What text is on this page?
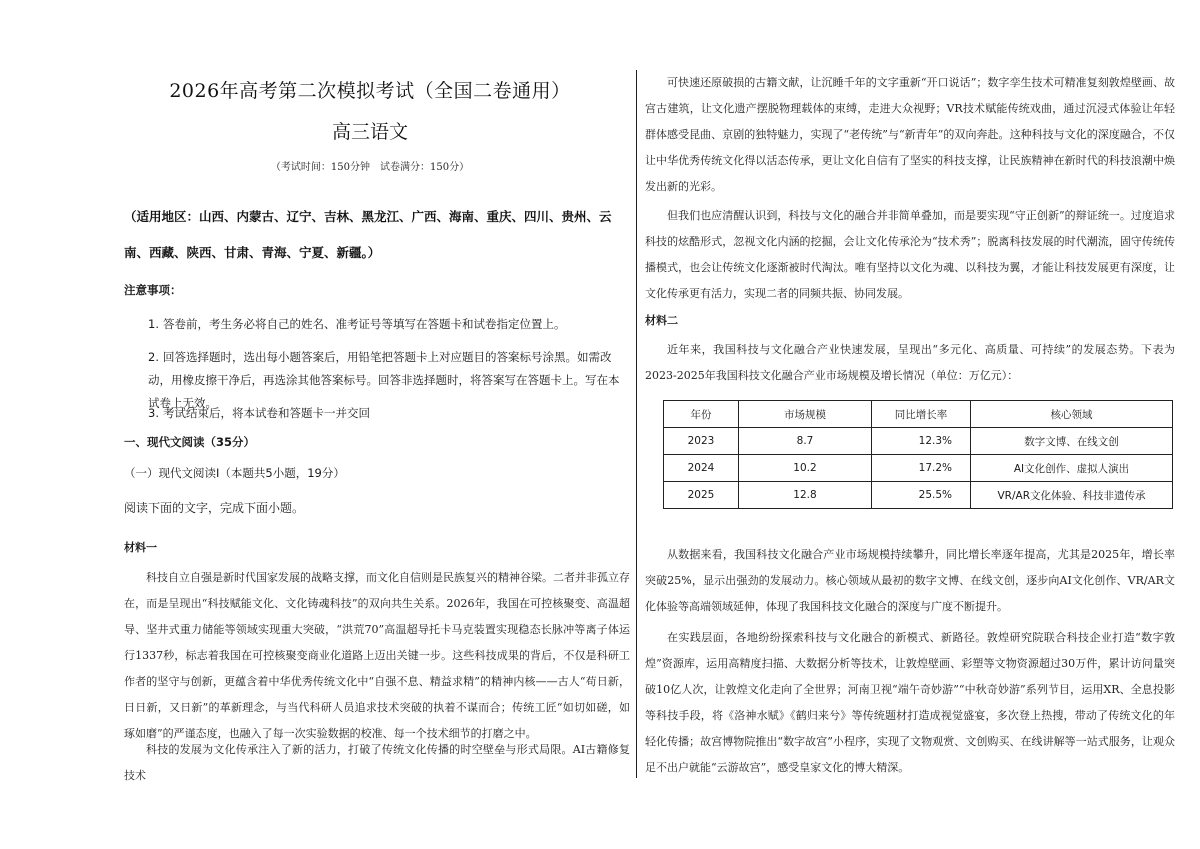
2026年高考第二次模拟考试（全国二卷通用）
高三语文
（考试时间：150分钟　试卷满分：150分）
（适用地区：山西、内蒙古、辽宁、吉林、黑龙江、广西、海南、重庆、四川、贵州、云南、西藏、陕西、甘肃、青海、宁夏、新疆。）
注意事项：
1. 答卷前，考生务必将自己的姓名、准考证号等填写在答题卡和试卷指定位置上。
2. 回答选择题时，选出每小题答案后，用铅笔把答题卡上对应题目的答案标号涂黑。如需改动，用橡皮擦干净后，再选涂其他答案标号。回答非选择题时，将答案写在答题卡上。写在本试卷上无效。
3. 考试结束后，将本试卷和答题卡一并交回
一、现代文阅读（35分）
（一）现代文阅读Ⅰ（本题共5小题，19分）
阅读下面的文字，完成下面小题。
材料一
科技自立自强是新时代国家发展的战略支撑，而文化自信则是民族复兴的精神谷梁。二者并非孤立存在，而是呈现出“科技赋能文化、文化铸魂科技”的双向共生关系。2026年，我国在可控核聚变、高温超导、坚井式重力储能等领域实现重大突破，“洪荒70”高温超导托卡马克装置实现稳态长脉冲等离子体运行1337秒，标志着我国在可控核聚变商业化道路上迈出关键一步。这些科技成果的背后，不仅是科研工作者的坚守与创新，更蕴含着中华优秀传统文化中“自强不息、精益求精”的精神内核——古人“苟日新，日日新，又日新”的革新理念，与当代科研人员追求技术突破的执着不谋而合；传统工匠“如切如磋，如琢如磨”的严谨态度，也融入了每一次实验数据的校准、每一个技术细节的打磨之中。
科技的发展为文化传承注入了新的活力，打破了传统文化传播的时空壁垒与形式局限。AI古籍修复技术
可快速还原破损的古籍文献，让沉睡千年的文字重新“开口说话”；数字孪生技术可精准复刻敦煌壁画、故宫古建筑，让文化遗产摆脱物理载体的束缚，走进大众视野；VR技术赋能传统戏曲，通过沉浸式体验让年轻群体感受昆曲、京剧的独特魅力，实现了“老传统”与“新青年”的双向奔赴。这种科技与文化的深度融合，不仅让中华优秀传统文化得以活态传承，更让文化自信有了坚实的科技支撑，让民族精神在新时代的科技浪潮中焕发出新的光彩。
但我们也应清醒认识到，科技与文化的融合并非简单叠加，而是要实现“守正创新”的辩证统一。过度追求科技的炫酷形式，忽视文化内涵的挖掘，会让文化传承沦为“技术秀”；脱离科技发展的时代潮流，固守传统传播模式，也会让传统文化逐渐被时代淘汰。唯有坚持以文化为魂、以科技为翼，才能让科技发展更有深度，让文化传承更有活力，实现二者的同频共振、协同发展。
材料二
近年来，我国科技与文化融合产业快速发展，呈现出“多元化、高质量、可持续”的发展态势。下表为2023-2025年我国科技文化融合产业市场规模及增长情况（单位：万亿元）：
年份	市场规模	同比增长率	核心领域
2023	8.7	12.3%	数字文博、在线文创
2024	10.2	17.2%	AI文化创作、虚拟人演出
2025	12.8	25.5%	VR/AR文化体验、科技非遗传承
从数据来看，我国科技文化融合产业市场规模持续攀升，同比增长率逐年提高，尤其是2025年，增长率突破25%，显示出强劲的发展动力。核心领域从最初的数字文博、在线文创，逐步向AI文化创作、VR/AR文化体验等高端领域延伸，体现了我国科技文化融合的深度与广度不断提升。
在实践层面，各地纷纷探索科技与文化融合的新模式、新路径。敦煌研究院联合科技企业打造“数字敦煌”资源库，运用高精度扫描、大数据分析等技术，让敦煌壁画、彩塑等文物资源超过30万件，累计访问量突破10亿人次，让敦煌文化走向了全世界；河南卫视“端午奇妙游”“中秋奇妙游”系列节目，运用XR、全息投影等科技手段，将《洛神水赋》《鹤归来兮》等传统题材打造成视觉盛宴，多次登上热搜，带动了传统文化的年轻化传播；故宫博物院推出“数字故宫”小程序，实现了文物观赏、文创购买、在线讲解等一站式服务，让观众足不出户就能“云游故宫”，感受皇家文化的博大精深。
